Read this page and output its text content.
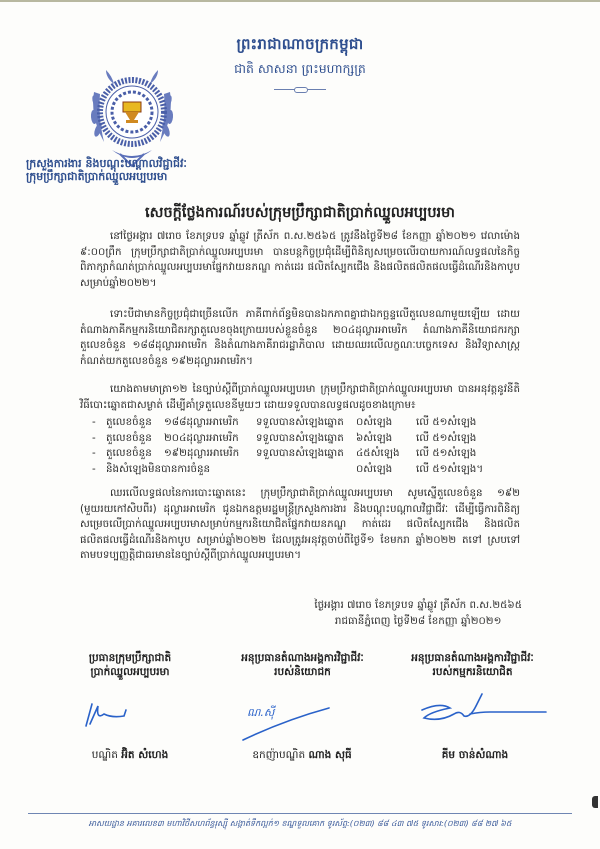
ព្រះរាជាណាចក្រកម្ពុជា
ជាតិ សាសនា ព្រះមហាក្សត្រ
ក្រសួងការងារ និងបណ្តុះបណ្តាលវិជ្ជាជីវៈ
ក្រុមប្រឹក្សាជាតិប្រាក់ឈ្នួលអប្បបរមា
សេចក្តីថ្លែងការណ៍របស់ក្រុមប្រឹក្សាជាតិប្រាក់ឈ្នួលអប្បបរមា
នៅថ្ងៃអង្គារ ៧រោច ខែភទ្របទ ឆ្នាំឆ្លូវ ត្រីស័ក ព.ស.២៥៦៥ ត្រូវនឹងថ្ងៃទី២៨ ខែកញ្ញា ឆ្នាំ២០២១ វេលាម៉ោង ៩:០០ព្រឹក ក្រុមប្រឹក្សាជាតិប្រាក់ឈ្នួលអប្បបរមា បានបន្តកិច្ចប្រជុំដើម្បីពិនិត្យសម្រេចលើរបាយការណ៍លទ្ធផលនៃកិច្ចពិភាក្សាកំណត់ប្រាក់ឈ្នួលអប្បបរមាផ្នែកវាយនភណ្ឌ កាត់ដេរ ផលិតស្បែកជើង និងផលិតផលិតផលធ្វើដំណើរនិងកាបូប សម្រាប់ឆ្នាំ២០២២។
ទោះបីជាមានកិច្ចប្រជុំជាច្រើនលើក ភាគីពាក់ព័ន្ធមិនបានឯកភាពគ្នាជាឯកច្ឆន្ទលើតួលេខណាមួយឡើយ ដោយតំណាងភាគីកម្មករនិយោជិតរក្សាតួលេខចុងក្រោយរបស់ខ្លួនចំនួន ២០៤ដុល្លារអាមេរិក តំណាងភាគីនិយោជករក្សាតួលេខចំនួន ១៨៨ដុល្លារអាមេរិក និងតំណាងភាគីរាជរដ្ឋាភិបាល ដោយឈរលើលក្ខណៈបច្ចេកទេស និងវិទ្យាសាស្ត្រកំណត់យកតួលេខចំនួន ១៩២ដុល្លារអាមេរិក។
យោងតាមមាត្រា១២ នៃច្បាប់ស្តីពីប្រាក់ឈ្នួលអប្បបរមា ក្រុមប្រឹក្សាជាតិប្រាក់ឈ្នួលអប្បបរមា បានអនុវត្តនូវនីតិវិធីបោះឆ្នោតជាសម្ងាត់ ដើម្បីគាំទ្រតួលេខនីមួយៗ ដោយទទួលបានលទ្ធផលដូចខាងក្រោម៖
- តួលេខចំនួន	១៨៨ដុល្លារអាមេរិក	ទទួលបានសំឡេងឆ្នោត	០សំឡេង	លើ ៥១សំឡេង
- តួលេខចំនួន	២០៤ដុល្លារអាមេរិក	ទទួលបានសំឡេងឆ្នោត	៦សំឡេង	លើ ៥១សំឡេង
- តួលេខចំនួន	១៩២ដុល្លារអាមេរិក	ទទួលបានសំឡេងឆ្នោត	៤៥សំឡេង	លើ ៥១សំឡេង
- និងសំឡេងមិនបានការចំនួន	០សំឡេង	លើ ៥១សំឡេង។
ឈរលើលទ្ធផលនៃការបោះឆ្នោតនេះ ក្រុមប្រឹក្សាជាតិប្រាក់ឈ្នួលអប្បបរមា សូមស្នើតួលេខចំនួន ១៩២ (មួយរយកៅសិបពីរ) ដុល្លារអាមេរិក ជូនឯកឧត្តមរដ្ឋមន្ត្រីក្រសួងការងារ និងបណ្តុះបណ្តាលវិជ្ជាជីវៈ ដើម្បីធ្វើការពិនិត្យសម្រេចលើប្រាក់ឈ្នួលអប្បបរមាសម្រាប់កម្មករនិយោជិតផ្នែកវាយនភណ្ឌ កាត់ដេរ ផលិតស្បែកជើង និងផលិតផលិតផលធ្វើដំណើរនិងកាបូប សម្រាប់ឆ្នាំ២០២២ ដែលត្រូវអនុវត្តចាប់ពីថ្ងៃទី១ ខែមករា ឆ្នាំ២០២២ តទៅ ស្របទៅតាមបទប្បញ្ញត្តិជាធរមាននៃច្បាប់ស្តីពីប្រាក់ឈ្នួលអប្បបរមា។
ថ្ងៃអង្គារ ៧រោច ខែភទ្របទ ឆ្នាំឆ្លូវ ត្រីស័ក ព.ស.២៥៦៥
រាជធានីភ្នំពេញ ថ្ងៃទី២៨ ខែកញ្ញា ឆ្នាំ២០២១
ប្រធានក្រុមប្រឹក្សាជាតិ
ប្រាក់ឈ្នួលអប្បបរមា
អនុប្រធានតំណាងអង្គការវិជ្ជាជីវៈ
របស់និយោជក
អនុប្រធានតំណាងអង្គការវិជ្ជាជីវៈ
របស់កម្មករនិយោជិត
ណ.ស៊ី
បណ្ឌិត អ៊ិត សំហេង	ឧកញ៉ាបណ្ឌិត ណាង សុធី	គីម ចាន់សំណាង
អាសយដ្ឋាន អគារលេខ៣ មហាវិថីសហព័ន្ធរុស្ស៊ី សង្កាត់ទឹកល្អក់១ ខណ្ឌទួលគោក ទូរស័ព្ទ:(០២៣) ៨៨ ៤៣ ៧៥ ទូរសារ:(០២៣) ៨៨ ២៧ ៦៥
